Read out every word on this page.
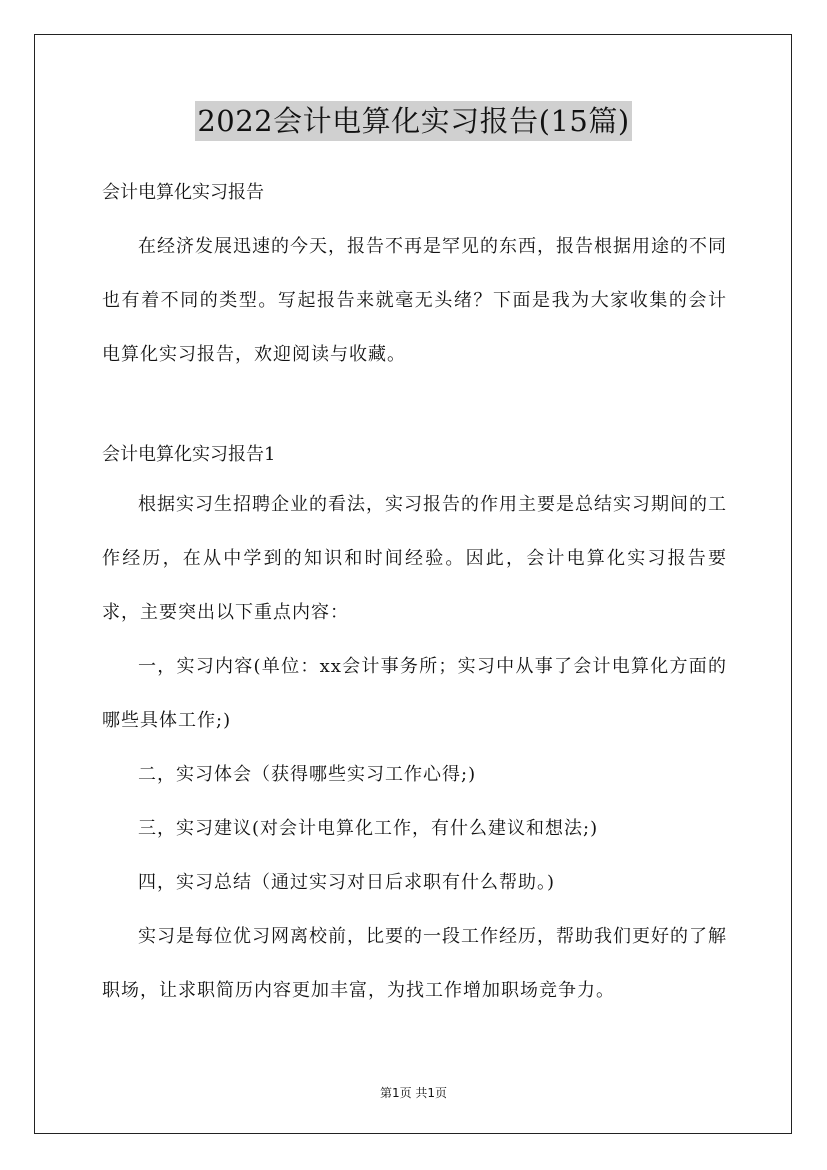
2022会计电算化实习报告(15篇)

会计电算化实习报告

在经济发展迅速的今天，报告不再是罕见的东西，报告根据用途的不同也有着不同的类型。写起报告来就毫无头绪？下面是我为大家收集的会计电算化实习报告，欢迎阅读与收藏。

会计电算化实习报告1

根据实习生招聘企业的看法，实习报告的作用主要是总结实习期间的工作经历，在从中学到的知识和时间经验。因此，会计电算化实习报告要求，主要突出以下重点内容：

一，实习内容(单位：xx会计事务所；实习中从事了会计电算化方面的哪些具体工作;)

二，实习体会（获得哪些实习工作心得;)

三，实习建议(对会计电算化工作，有什么建议和想法;)

四，实习总结（通过实习对日后求职有什么帮助。)

实习是每位优习网离校前，比要的一段工作经历，帮助我们更好的了解职场，让求职简历内容更加丰富，为找工作增加职场竞争力。

第1页 共1页
